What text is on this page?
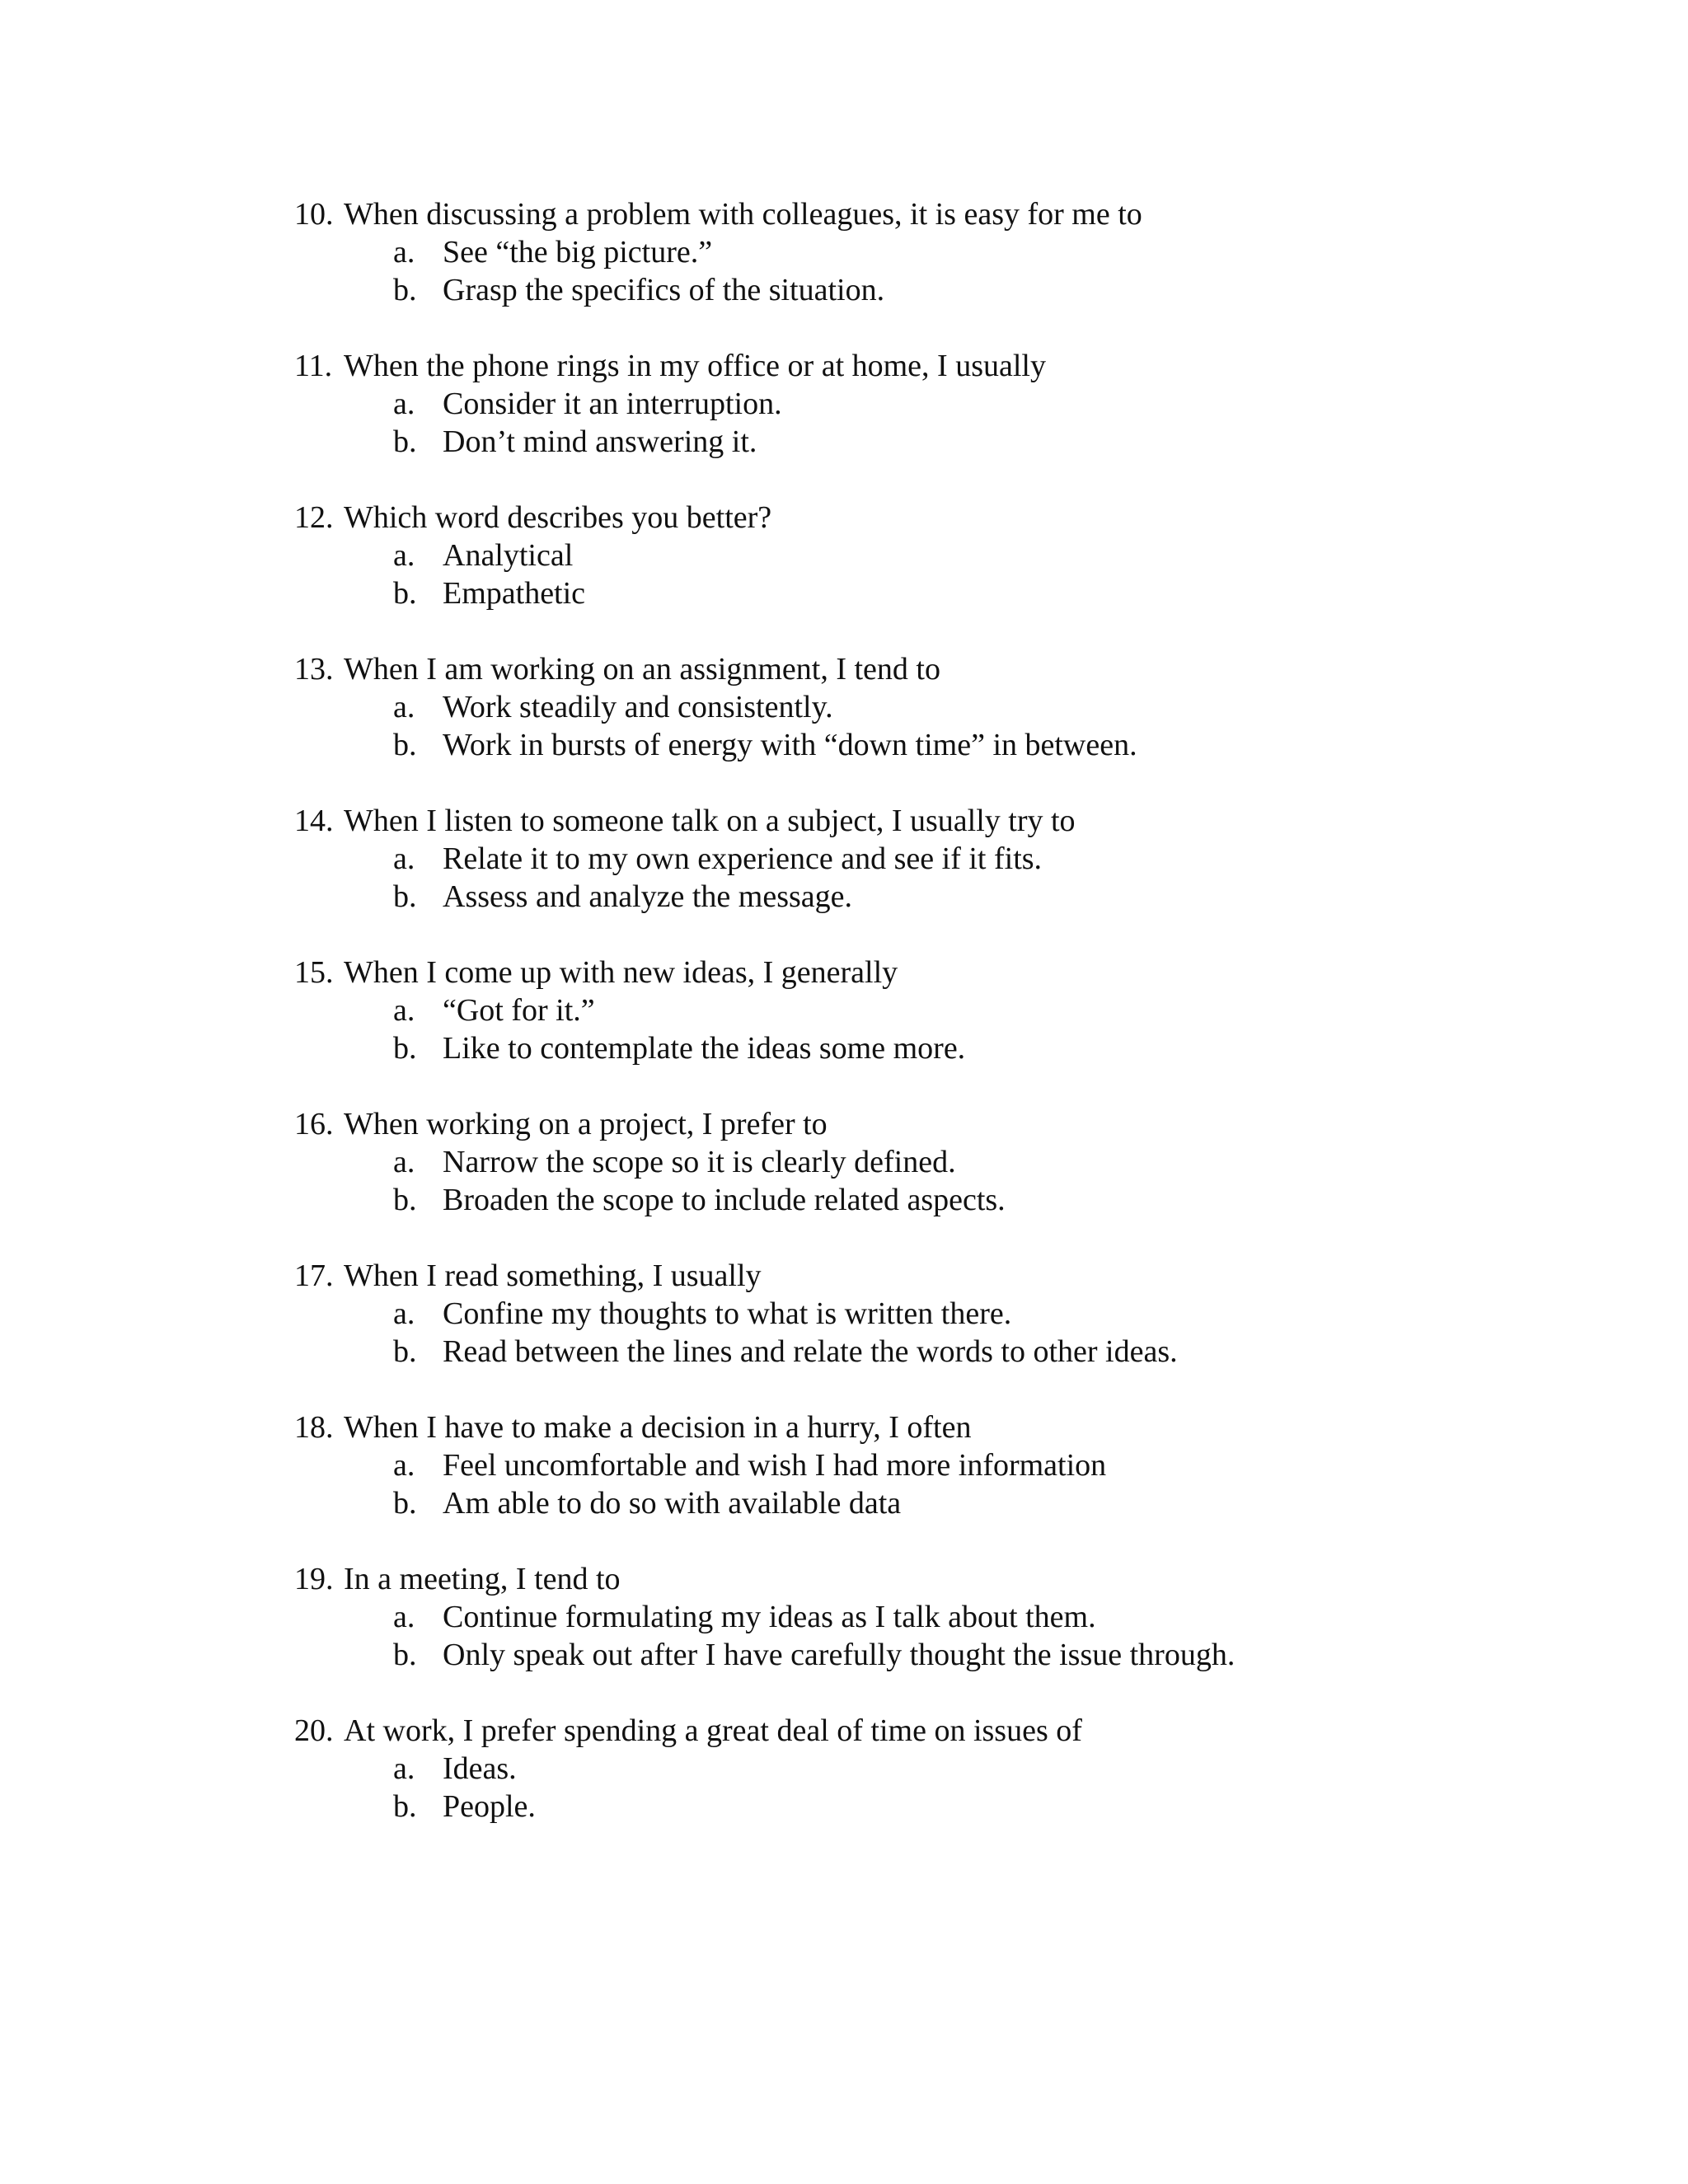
10. When discussing a problem with colleagues, it is easy for me to
a. See “the big picture.”
b. Grasp the specifics of the situation.
11. When the phone rings in my office or at home, I usually
a. Consider it an interruption.
b. Don’t mind answering it.
12. Which word describes you better?
a. Analytical
b. Empathetic
13. When I am working on an assignment, I tend to
a. Work steadily and consistently.
b. Work in bursts of energy with “down time” in between.
14. When I listen to someone talk on a subject, I usually try to
a. Relate it to my own experience and see if it fits.
b. Assess and analyze the message.
15. When I come up with new ideas, I generally
a. “Got for it.”
b. Like to contemplate the ideas some more.
16. When working on a project, I prefer to
a. Narrow the scope so it is clearly defined.
b. Broaden the scope to include related aspects.
17. When I read something, I usually
a. Confine my thoughts to what is written there.
b. Read between the lines and relate the words to other ideas.
18. When I have to make a decision in a hurry, I often
a. Feel uncomfortable and wish I had more information
b. Am able to do so with available data
19. In a meeting, I tend to
a. Continue formulating my ideas as I talk about them.
b. Only speak out after I have carefully thought the issue through.
20. At work, I prefer spending a great deal of time on issues of
a. Ideas.
b. People.
